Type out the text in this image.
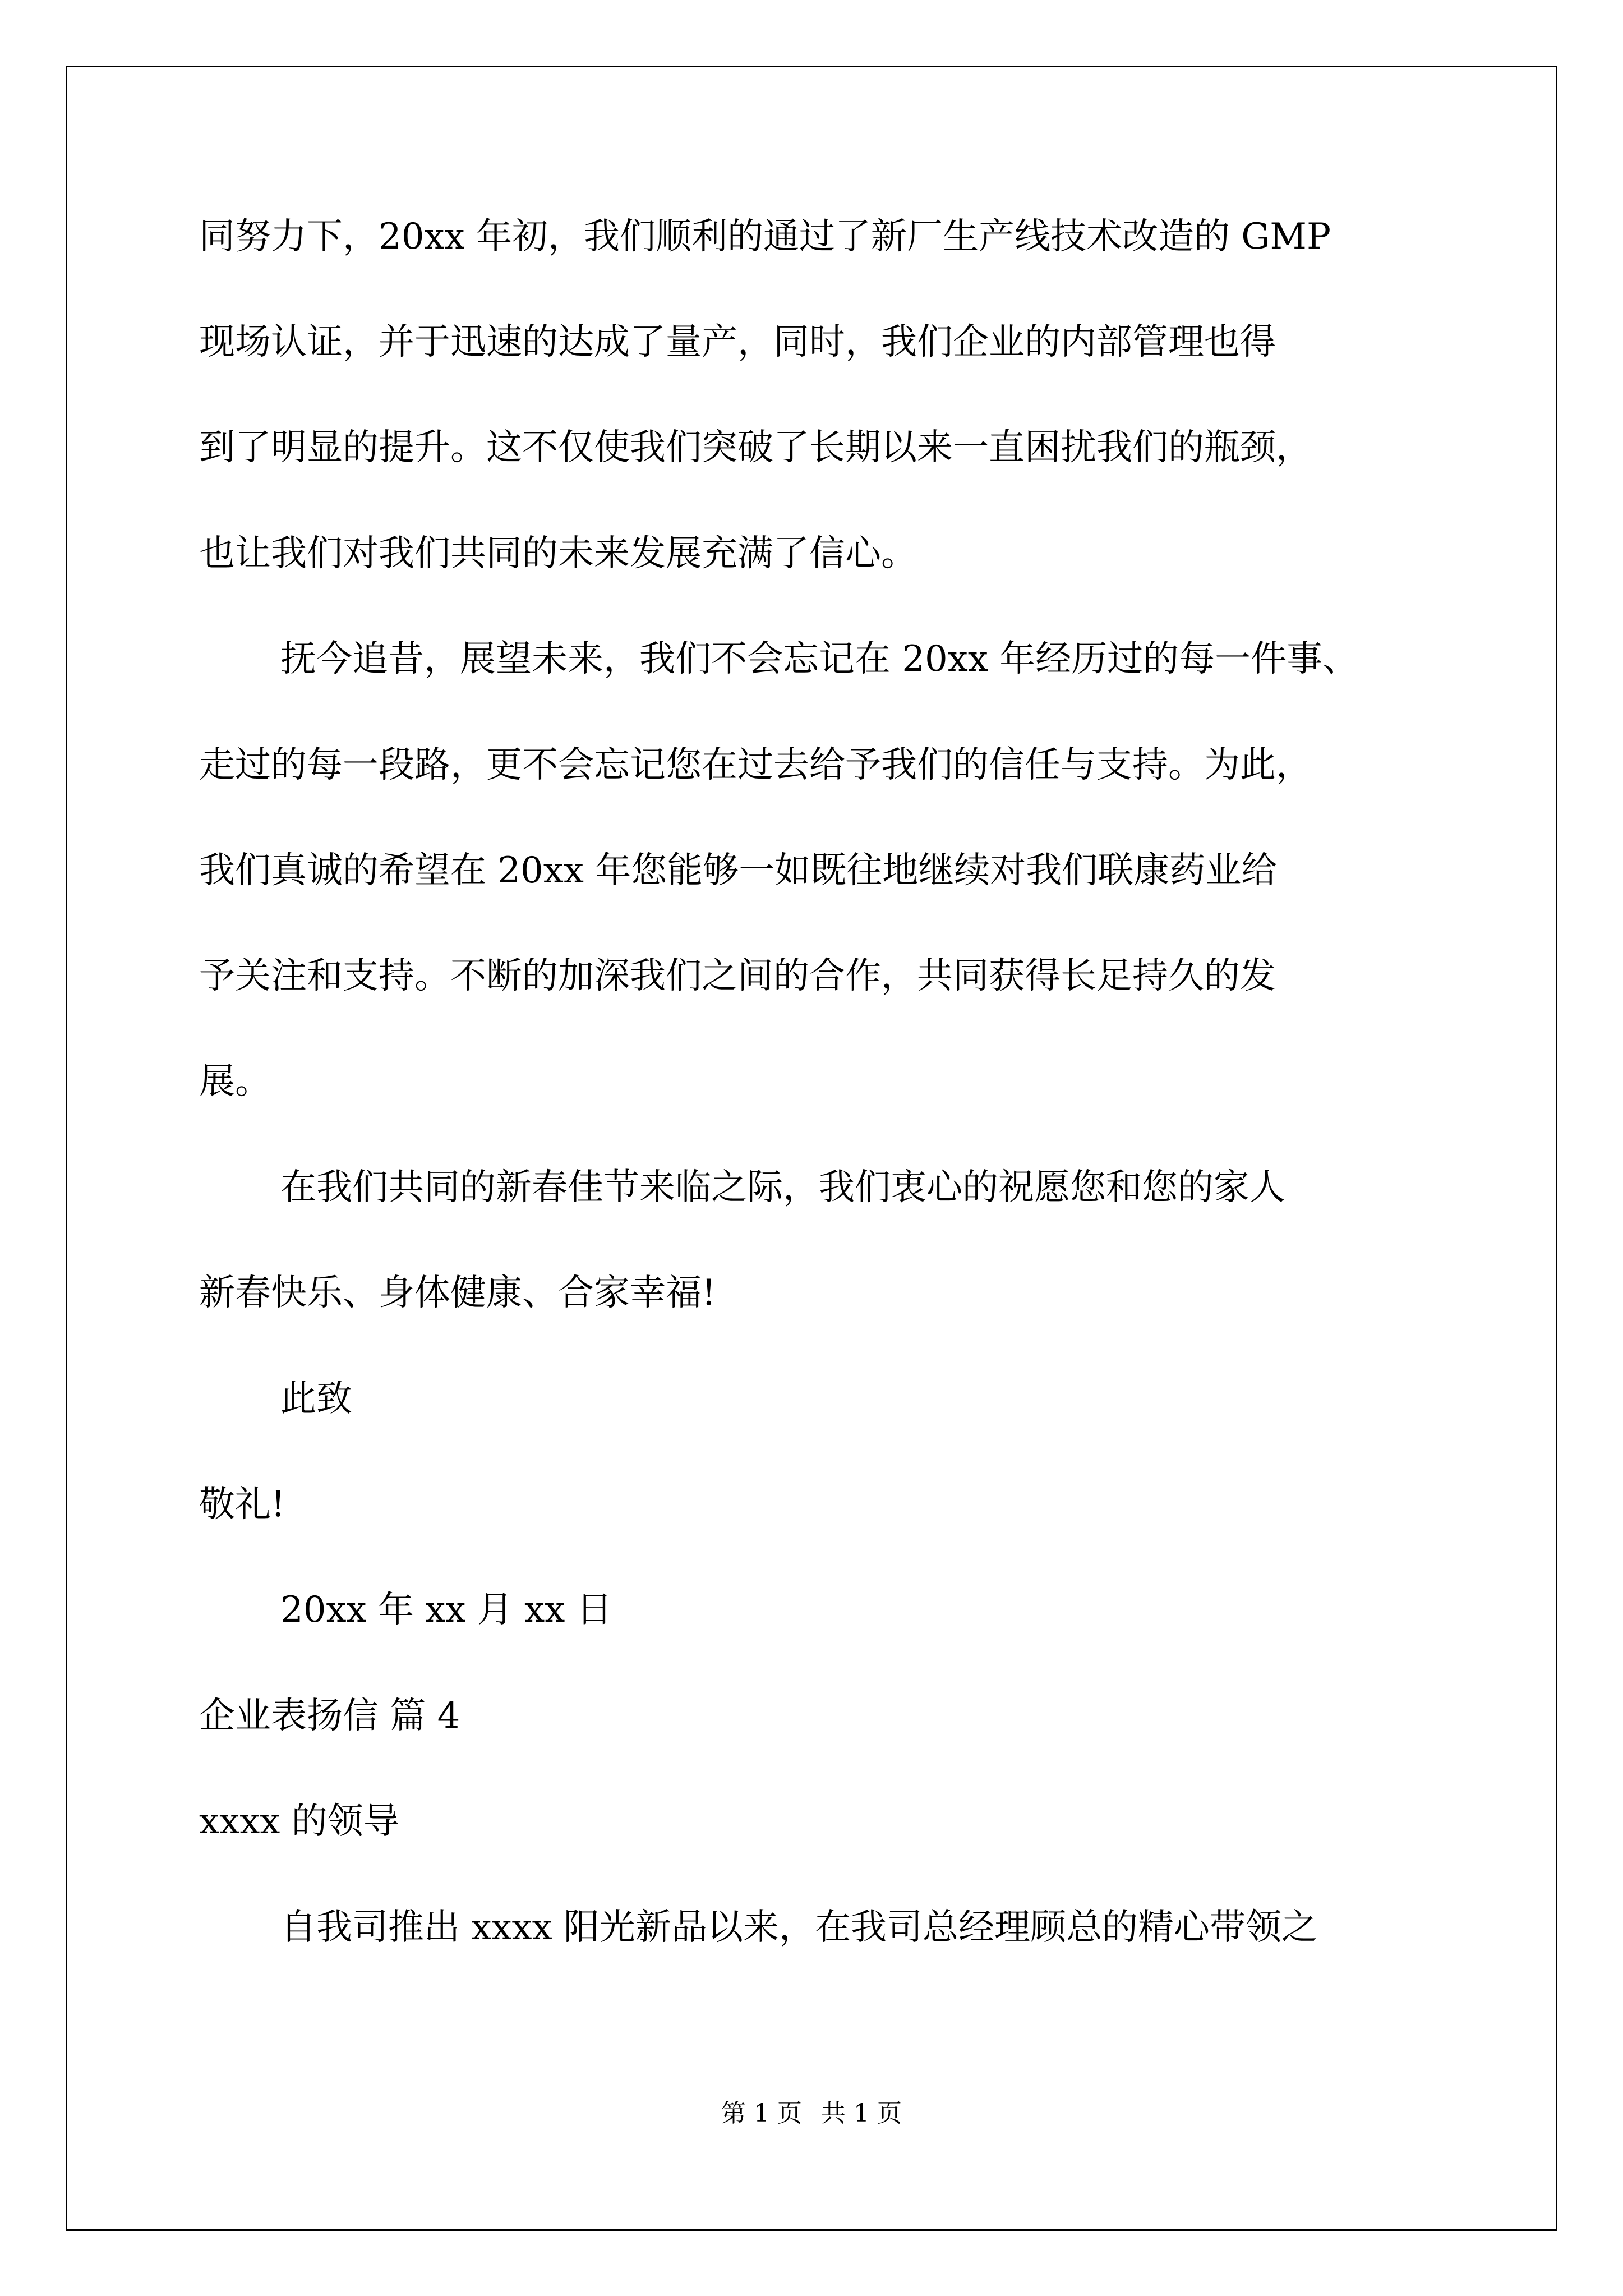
同努力下，20xx 年初，我们顺利的通过了新厂生产线技术改造的 GMP
现场认证，并于迅速的达成了量产，同时，我们企业的内部管理也得
到了明显的提升。这不仅使我们突破了长期以来一直困扰我们的瓶颈，
也让我们对我们共同的未来发展充满了信心。
抚今追昔，展望未来，我们不会忘记在 20xx 年经历过的每一件事、
走过的每一段路，更不会忘记您在过去给予我们的信任与支持。为此，
我们真诚的希望在 20xx 年您能够一如既往地继续对我们联康药业给
予关注和支持。不断的加深我们之间的合作，共同获得长足持久的发
展。
在我们共同的新春佳节来临之际，我们衷心的祝愿您和您的家人
新春快乐、身体健康、合家幸福!
此致
敬礼!
20xx 年 xx 月 xx 日
企业表扬信 篇 4
xxxx 的领导
自我司推出 xxxx 阳光新品以来，在我司总经理顾总的精心带领之
第 1 页 共 1 页
